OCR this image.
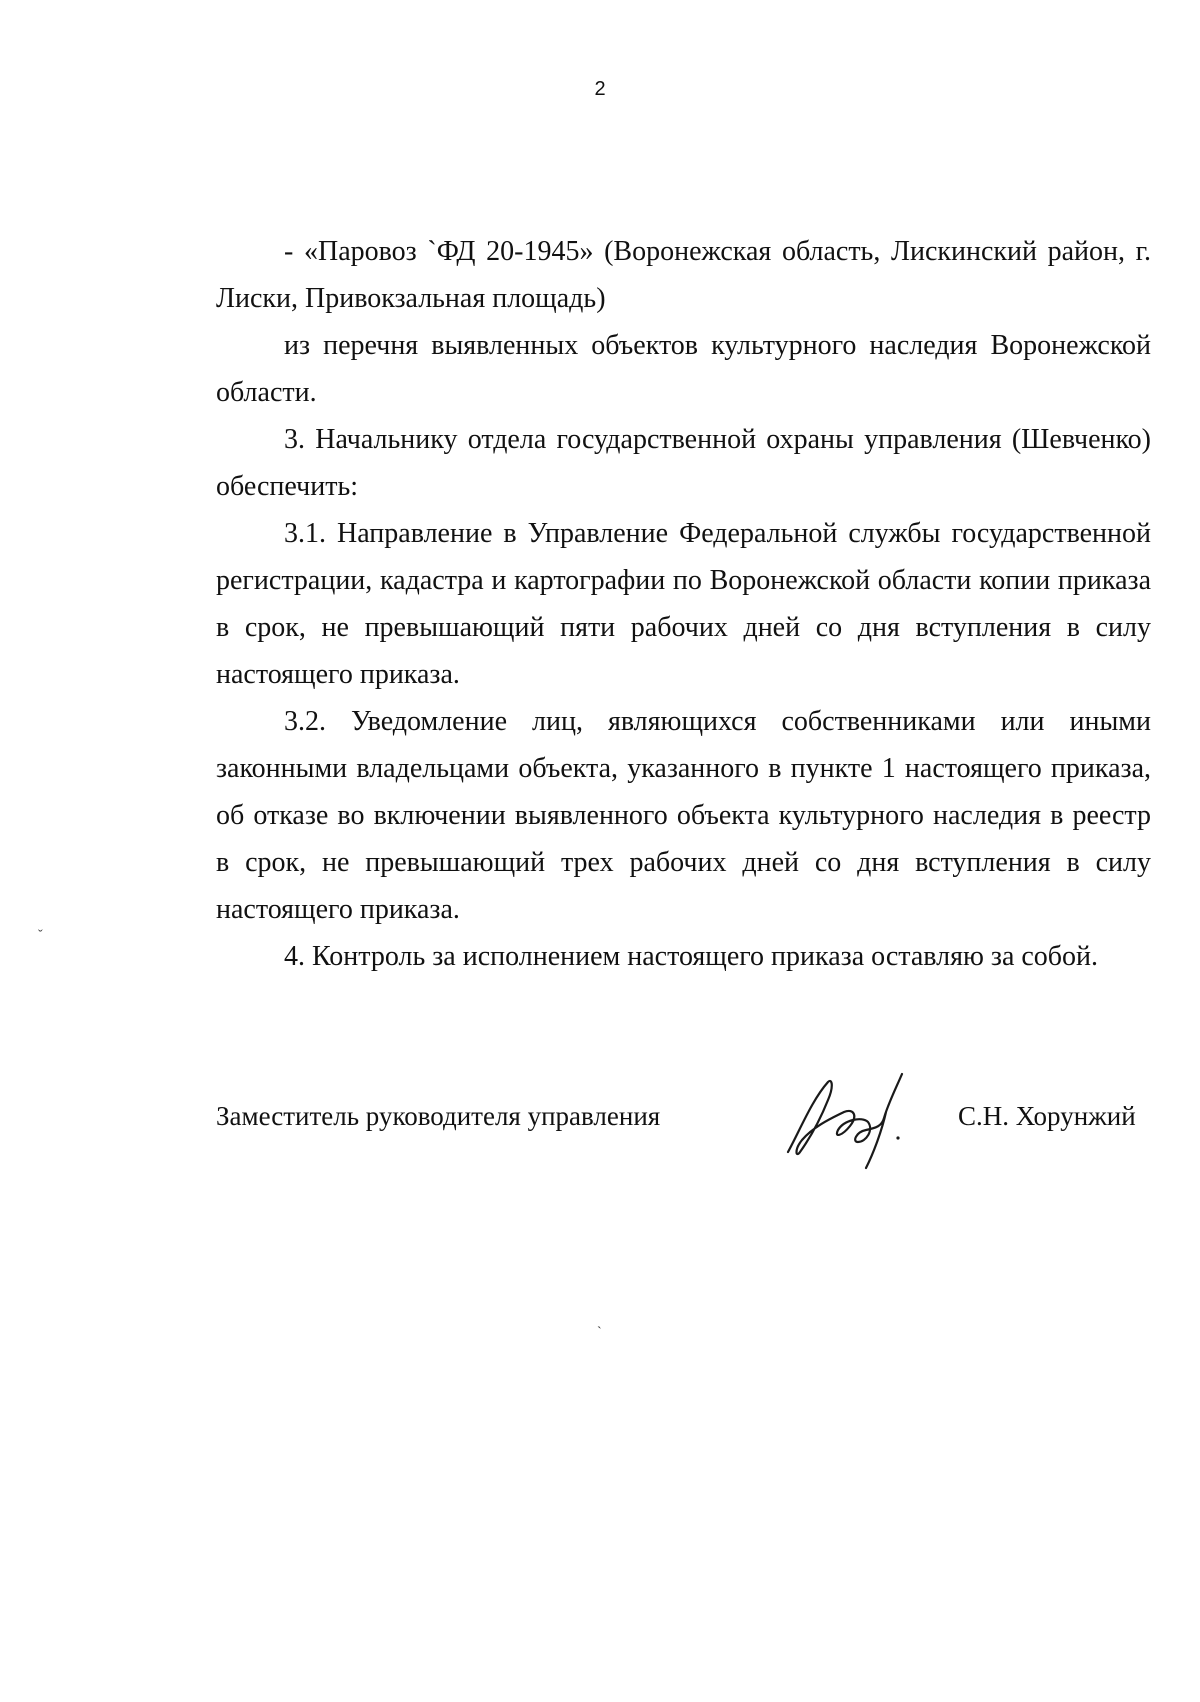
2

- «Паровоз `ФД 20-1945» (Воронежская область, Лискинский район, г. Лиски, Привокзальная площадь)

из перечня выявленных объектов культурного наследия Воронежской области.

3. Начальнику отдела государственной охраны управления (Шевченко) обеспечить:

3.1. Направление в Управление Федеральной службы государственной регистрации, кадастра и картографии по Воронежской области копии приказа в срок, не превышающий пяти рабочих дней со дня вступления в силу настоящего приказа.

3.2. Уведомление лиц, являющихся собственниками или иными законными владельцами объекта, указанного в пункте 1 настоящего приказа, об отказе во включении выявленного объекта культурного наследия в реестр в срок, не превышающий трех рабочих дней со дня вступления в силу настоящего приказа.

4. Контроль за исполнением настоящего приказа оставляю за собой.

Заместитель руководителя управления	С.Н. Хорунжий
ˇ
`
